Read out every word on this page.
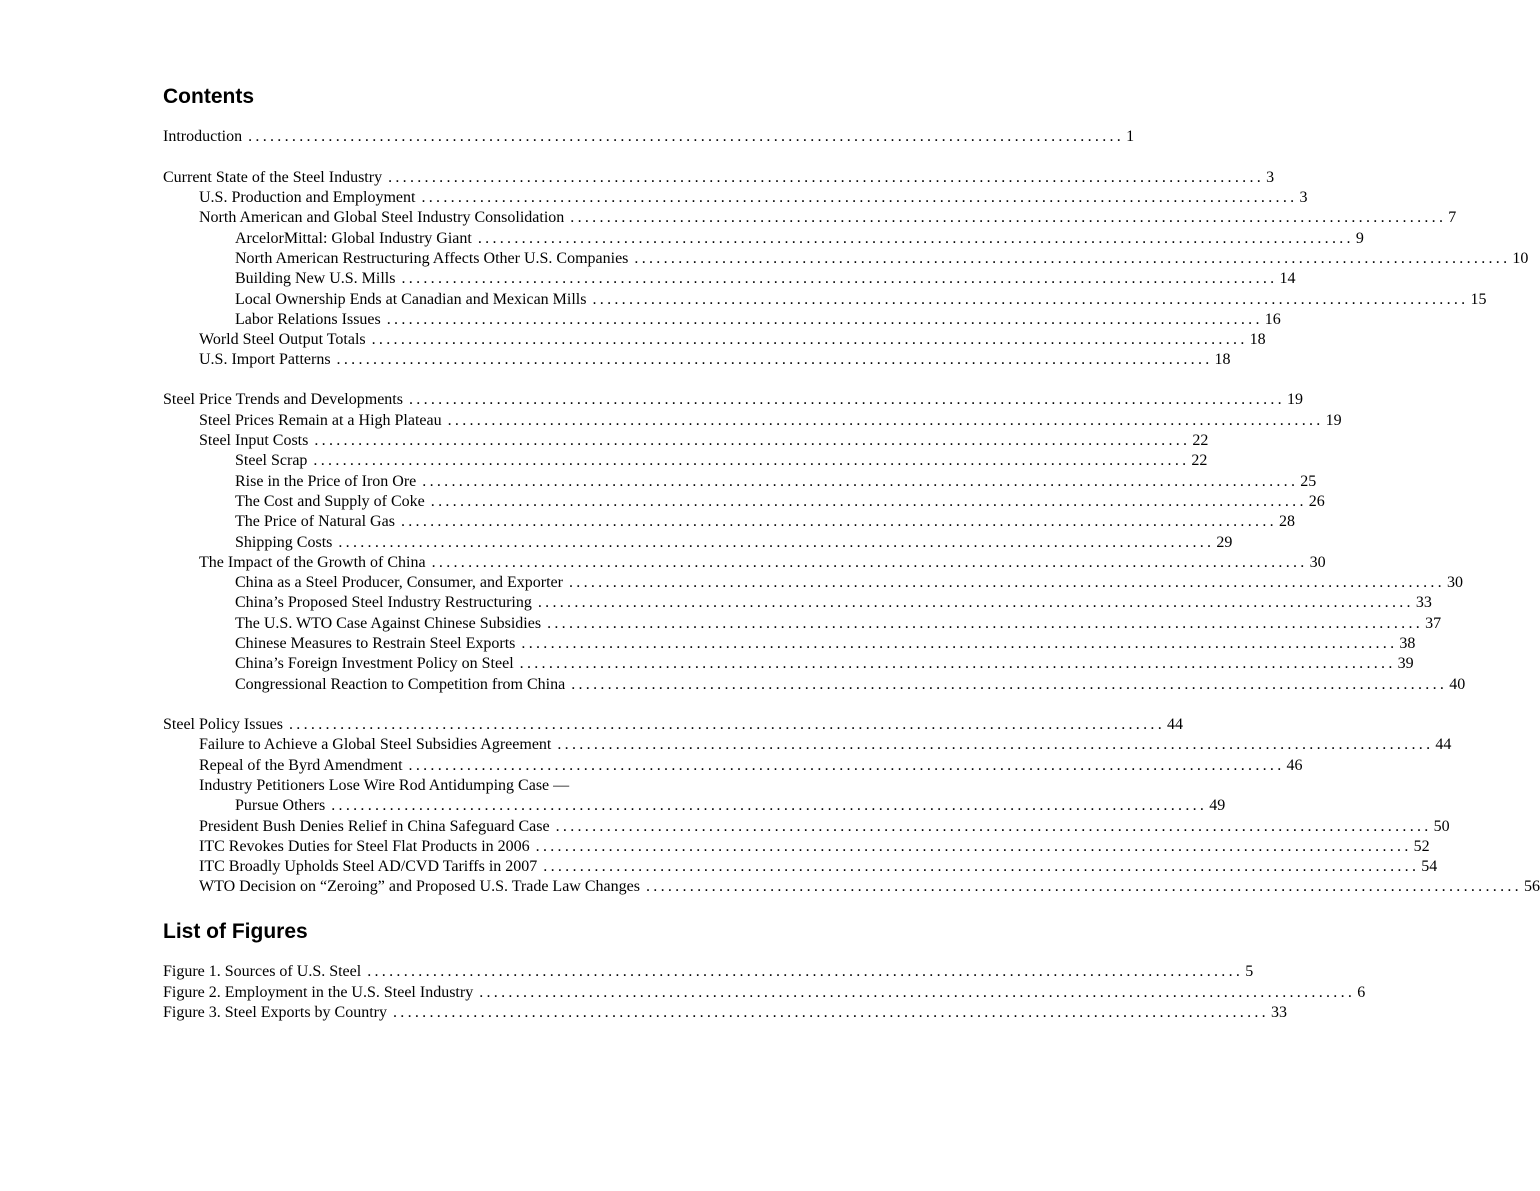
Contents
Introduction ........................................................................................................................ 1
Current State of the Steel Industry ........................................................................................................................ 3
U.S. Production and Employment ........................................................................................................................ 3
North American and Global Steel Industry Consolidation ........................................................................................................................ 7
ArcelorMittal: Global Industry Giant ........................................................................................................................ 9
North American Restructuring Affects Other U.S. Companies ........................................................................................................................ 10
Building New U.S. Mills ........................................................................................................................ 14
Local Ownership Ends at Canadian and Mexican Mills ........................................................................................................................ 15
Labor Relations Issues ........................................................................................................................ 16
World Steel Output Totals ........................................................................................................................ 18
U.S. Import Patterns ........................................................................................................................ 18
Steel Price Trends and Developments ........................................................................................................................ 19
Steel Prices Remain at a High Plateau ........................................................................................................................ 19
Steel Input Costs ........................................................................................................................ 22
Steel Scrap ........................................................................................................................ 22
Rise in the Price of Iron Ore ........................................................................................................................ 25
The Cost and Supply of Coke ........................................................................................................................ 26
The Price of Natural Gas ........................................................................................................................ 28
Shipping Costs ........................................................................................................................ 29
The Impact of the Growth of China ........................................................................................................................ 30
China as a Steel Producer, Consumer, and Exporter ........................................................................................................................ 30
China’s Proposed Steel Industry Restructuring ........................................................................................................................ 33
The U.S. WTO Case Against Chinese Subsidies ........................................................................................................................ 37
Chinese Measures to Restrain Steel Exports ........................................................................................................................ 38
China’s Foreign Investment Policy on Steel ........................................................................................................................ 39
Congressional Reaction to Competition from China ........................................................................................................................ 40
Steel Policy Issues ........................................................................................................................ 44
Failure to Achieve a Global Steel Subsidies Agreement ........................................................................................................................ 44
Repeal of the Byrd Amendment ........................................................................................................................ 46
Industry Petitioners Lose Wire Rod Antidumping Case —
Pursue Others ........................................................................................................................ 49
President Bush Denies Relief in China Safeguard Case ........................................................................................................................ 50
ITC Revokes Duties for Steel Flat Products in 2006 ........................................................................................................................ 52
ITC Broadly Upholds Steel AD/CVD Tariffs in 2007 ........................................................................................................................ 54
WTO Decision on “Zeroing” and Proposed U.S. Trade Law Changes ........................................................................................................................ 56
List of Figures
Figure 1. Sources of U.S. Steel ........................................................................................................................ 5
Figure 2. Employment in the U.S. Steel Industry ........................................................................................................................ 6
Figure 3. Steel Exports by Country ........................................................................................................................ 33
